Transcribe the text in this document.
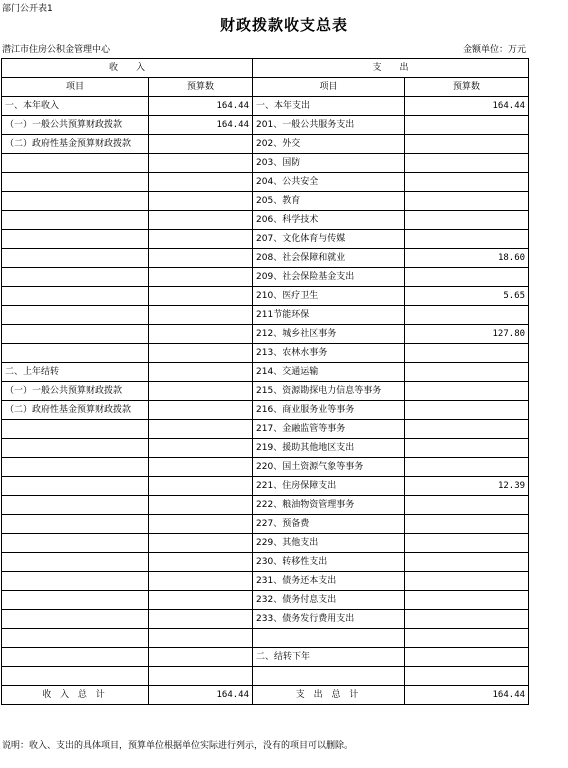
部门公开表1
财政拨款收支总表
潜江市住房公积金管理中心	金额单位：万元
收　　入		支　　出	
项目	预算数	项目	预算数
一、本年收入	164.44	一、本年支出	164.44
（一）一般公共预算财政拨款	164.44	201、一般公共服务支出	
（二）政府性基金预算财政拨款		202、外交	
		203、国防	
		204、公共安全	
		205、教育	
		206、科学技术	
		207、文化体育与传媒	
		208、社会保障和就业	18.60
		209、社会保险基金支出	
		210、医疗卫生	5.65
		211节能环保	
		212、城乡社区事务	127.80
		213、农林水事务	
二、上年结转		214、交通运输	
（一）一般公共预算财政拨款		215、资源勘探电力信息等事务	
（二）政府性基金预算财政拨款		216、商业服务业等事务	
		217、金融监管等事务	
		219、援助其他地区支出	
		220、国土资源气象等事务	
		221、住房保障支出	12.39
		222、粮油物资管理事务	
		227、预备费	
		229、其他支出	
		230、转移性支出	
		231、债务还本支出	
		232、债务付息支出	
		233、债务发行费用支出	

		二、结转下年	

收 入 总 计	164.44	支 出 总 计	164.44
说明：收入、支出的具体项目，预算单位根据单位实际进行列示，没有的项目可以删除。
